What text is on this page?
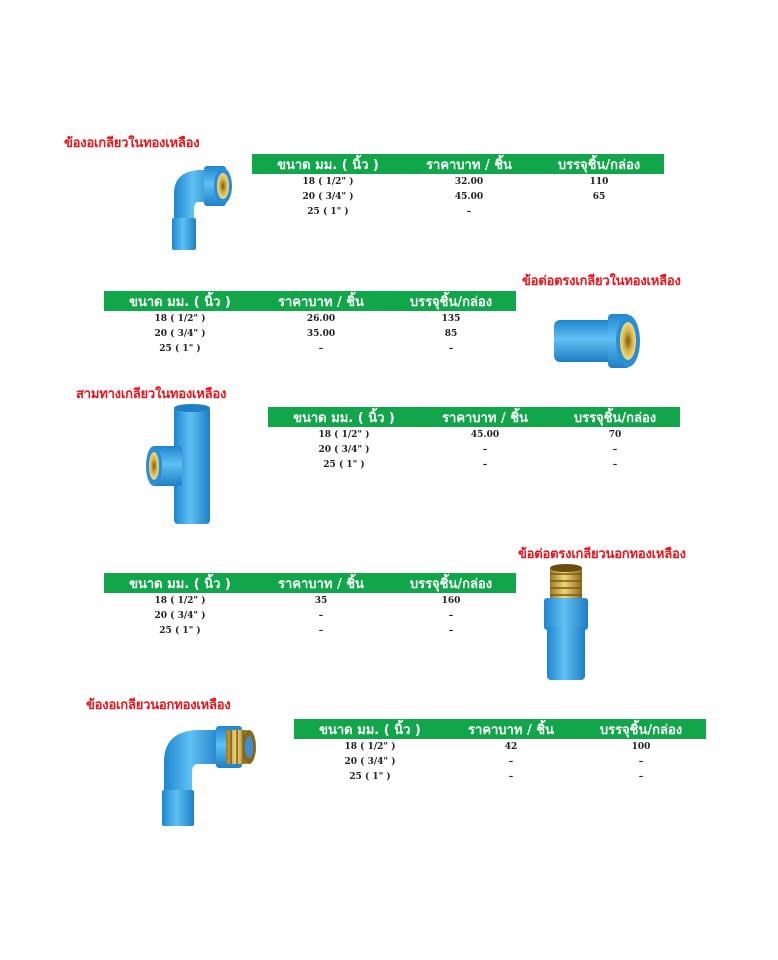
ข้องอเกลียวในทองเหลือง
ขนาด มม. ( นิ้ว )	ราคาบาท / ชิ้น	บรรจุชิ้น/กล่อง
18 ( 1/2" )	32.00	110
20 ( 3/4" )	45.00	65
25 ( 1" )	–
ข้อต่อตรงเกลียวในทองเหลือง
ขนาด มม. ( นิ้ว )	ราคาบาท / ชิ้น	บรรจุชิ้น/กล่อง
18 ( 1/2" )	26.00	135
20 ( 3/4" )	35.00	85
25 ( 1" )	–	–
สามทางเกลียวในทองเหลือง
ขนาด มม. ( นิ้ว )	ราคาบาท / ชิ้น	บรรจุชิ้น/กล่อง
18 ( 1/2" )	45.00	70
20 ( 3/4" )	–	–
25 ( 1" )	–	–
ข้อต่อตรงเกลียวนอกทองเหลือง
ขนาด มม. ( นิ้ว )	ราคาบาท / ชิ้น	บรรจุชิ้น/กล่อง
18 ( 1/2" )	35	160
20 ( 3/4" )	–	–
25 ( 1" )	–	–
ข้องอเกลียวนอกทองเหลือง
ขนาด มม. ( นิ้ว )	ราคาบาท / ชิ้น	บรรจุชิ้น/กล่อง
18 ( 1/2" )	42	100
20 ( 3/4" )	–	–
25 ( 1" )	–	–
